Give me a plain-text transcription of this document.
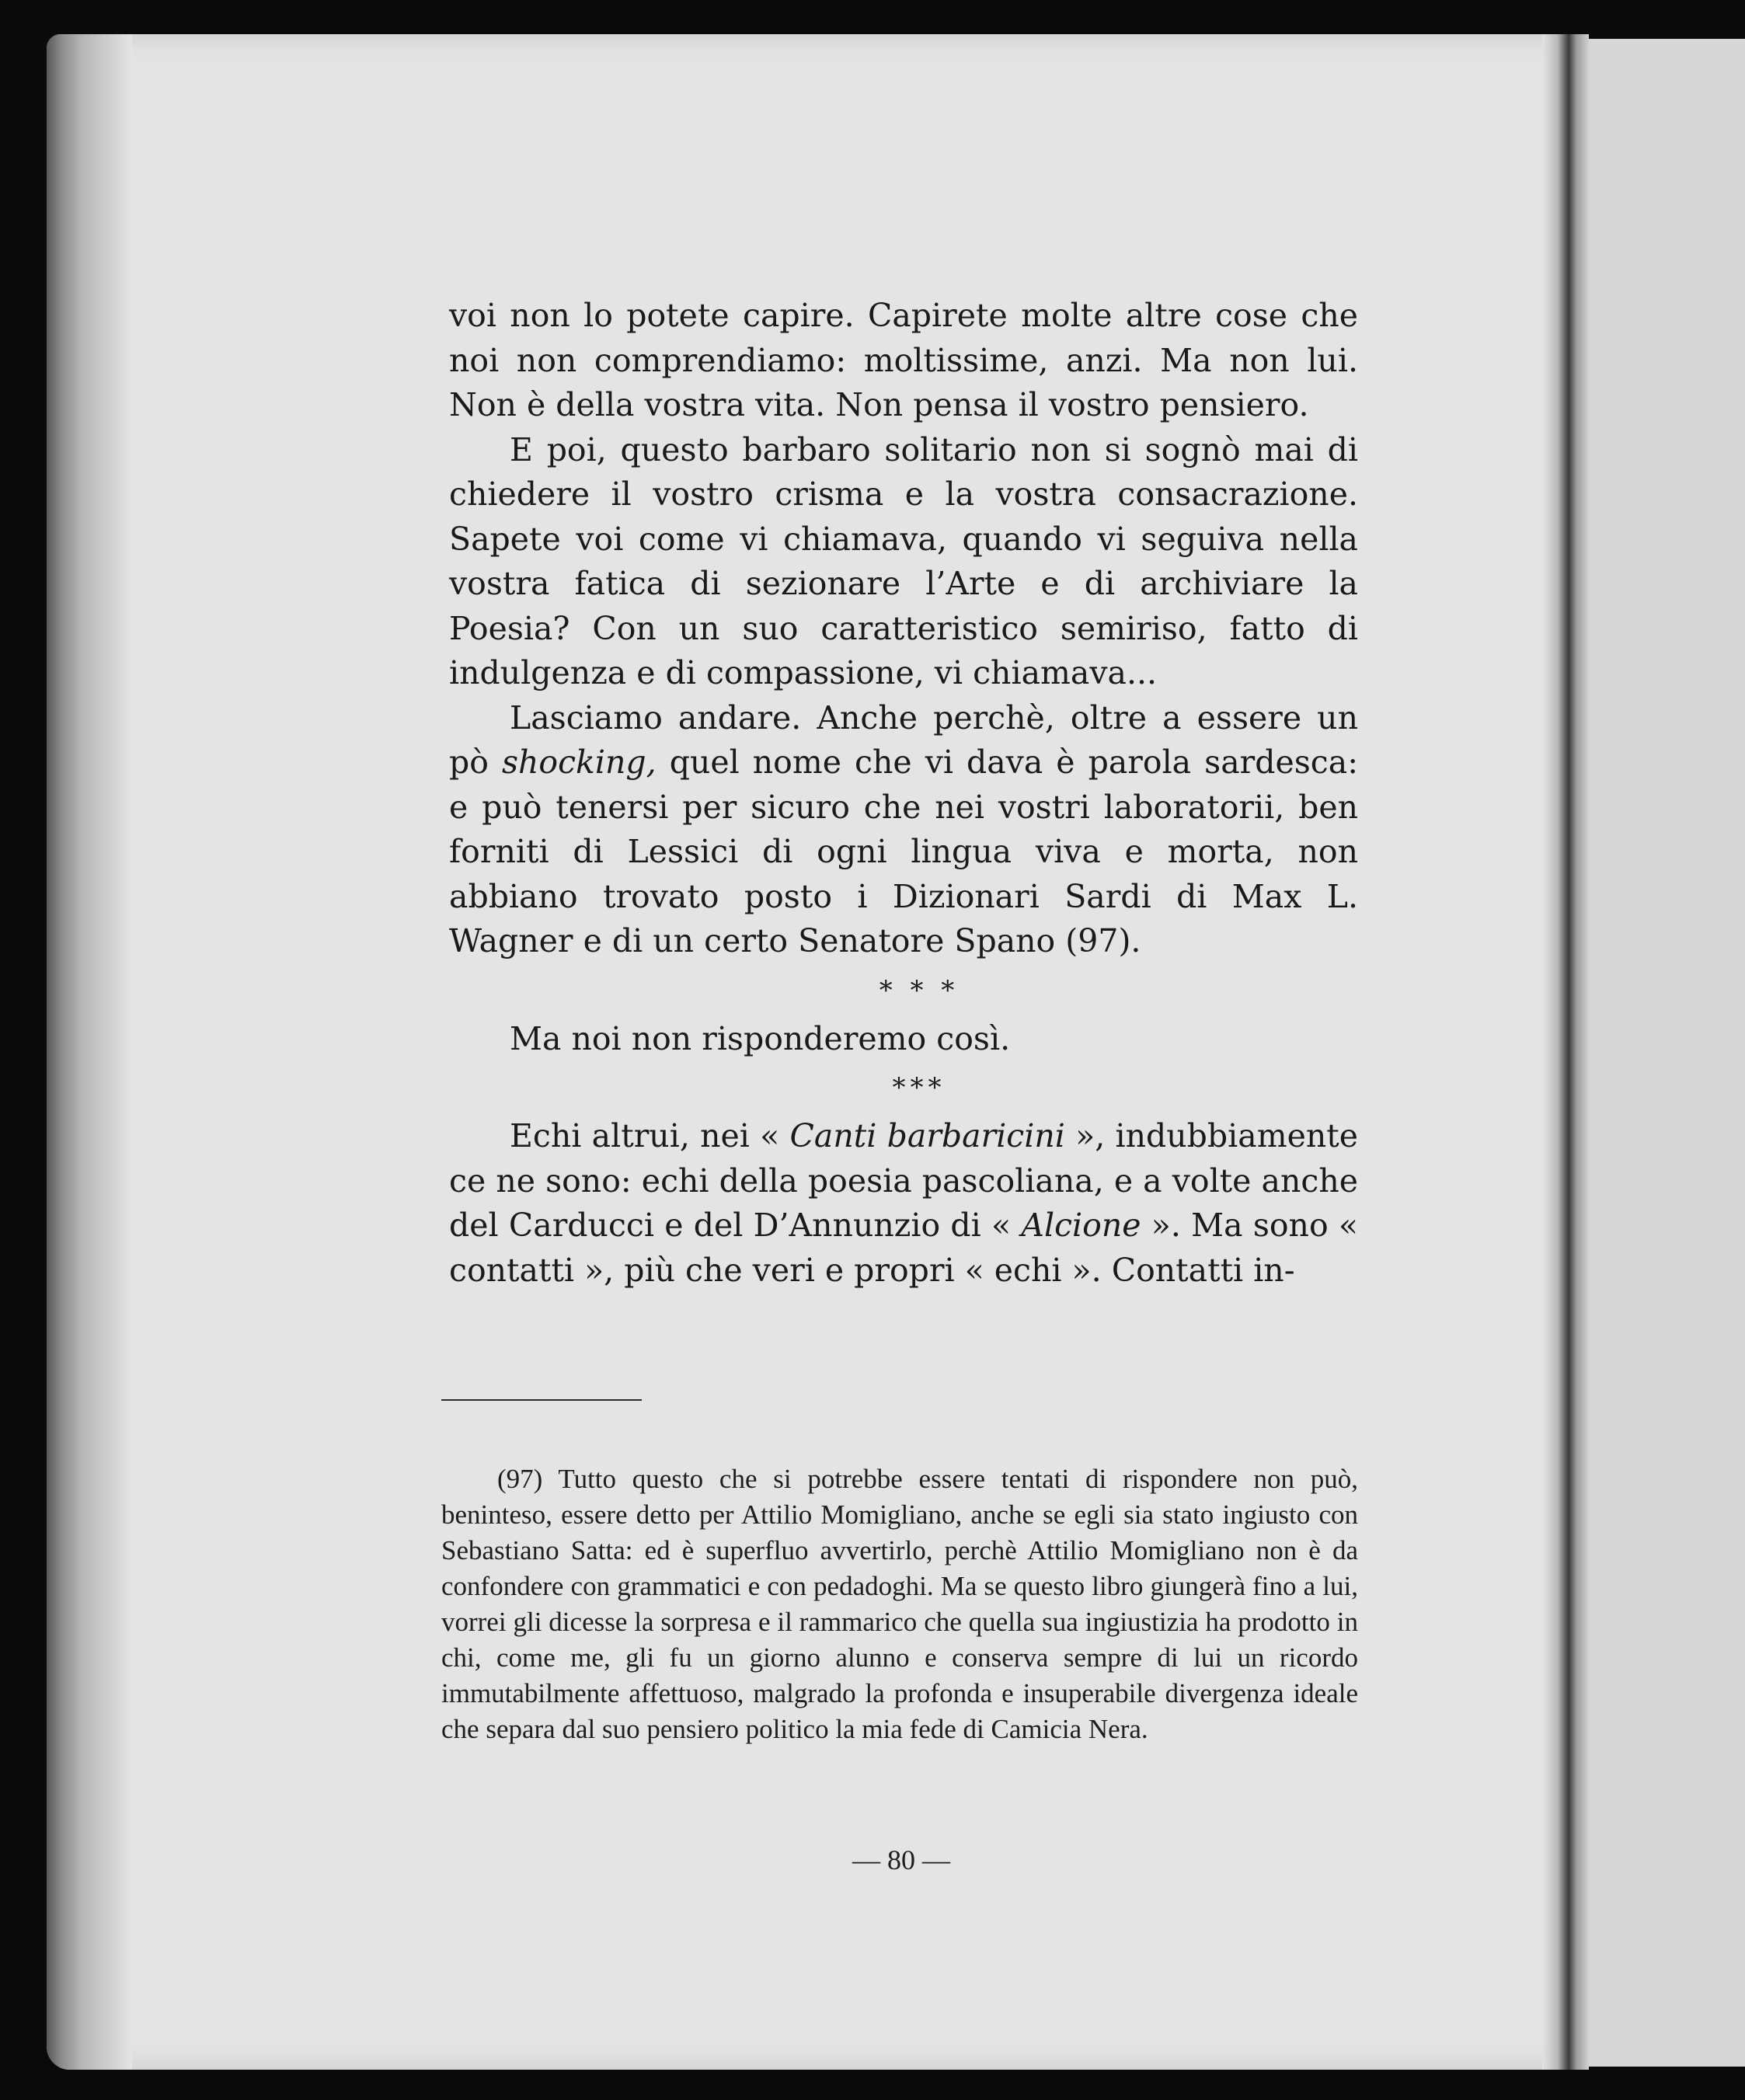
voi non lo potete capire. Capirete molte altre cose che noi non comprendiamo: moltissime, anzi. Ma non lui. Non è della vostra vita. Non pensa il vostro pensiero.

E poi, questo barbaro solitario non si sognò mai di chiedere il vostro crisma e la vostra consacrazione. Sapete voi come vi chiamava, quando vi seguiva nella vostra fatica di sezionare l’Arte e di archiviare la Poesia? Con un suo caratteristico semiriso, fatto di indulgenza e di compassione, vi chiamava...

Lasciamo andare. Anche perchè, oltre a essere un pò shocking, quel nome che vi dava è parola sardesca: e può tenersi per sicuro che nei vostri laboratorii, ben forniti di Lessici di ogni lingua viva e morta, non abbiano trovato posto i Dizionari Sardi di Max L. Wagner e di un certo Senatore Spano (97).

* * *

Ma noi non risponderemo così.

***

Echi altrui, nei « Canti barbaricini », indubbiamente ce ne sono: echi della poesia pascoliana, e a volte anche del Carducci e del D’Annunzio di « Alcione ». Ma sono « contatti », più che veri e propri « echi ». Contatti in-

(97) Tutto questo che si potrebbe essere tentati di rispondere non può, beninteso, essere detto per Attilio Momigliano, anche se egli sia stato ingiusto con Sebastiano Satta: ed è superfluo avvertirlo, perchè Attilio Momigliano non è da confondere con grammatici e con pedadoghi. Ma se questo libro giungerà fino a lui, vorrei gli dicesse la sorpresa e il rammarico che quella sua ingiustizia ha prodotto in chi, come me, gli fu un giorno alunno e conserva sempre di lui un ricordo immutabilmente affettuoso, malgrado la profonda e insuperabile divergenza ideale che separa dal suo pensiero politico la mia fede di Camicia Nera.

— 80 —
